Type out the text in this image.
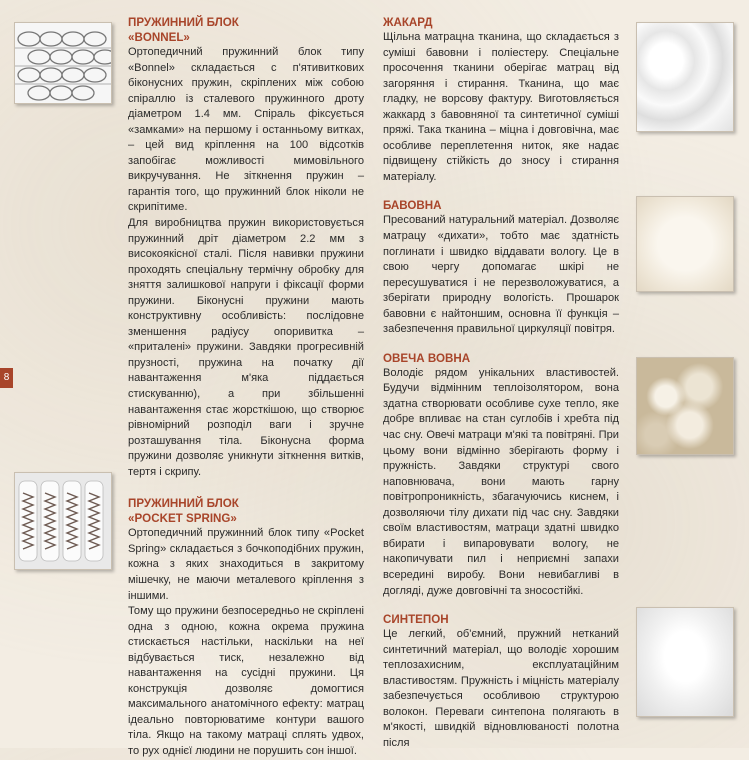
8
ПРУЖИННИЙ БЛОК
«BONNEL»

Ортопедичний пружинний блок типу «Bonnel» складається с п'ятивиткових біконусних пружин, скріплених між собою спіраллю із сталевого пружинного дроту діаметром 1.4 мм. Спіраль фіксується «замками» на першому і останньому витках, – цей вид кріплення на 100 відсотків запобігає можливості мимовільного викручування. Не зіткнення пружин – гарантія того, що пружинний блок ніколи не скрипітиме.

Для виробництва пружин використовується пружинний дріт діаметром 2.2 мм з високоякісної сталі. Після навивки пружини проходять спеціальну термічну обробку для зняття залишкової напруги і фіксації форми пружини. Біконусні пружини мають конструктивну особливість: послідовне зменшення радіусу опоривитка – «приталені» пружини. Завдяки прогресивній прузності, пружина на початку дії навантаження м'яка піддається стискуванню), а при збільшенні навантаження стає жорсткішою, що створює рівномірний розподіл ваги і зручне розташування тіла. Біконусна форма пружини дозволяє уникнути зіткнення витків, тертя і скрипу.

ПРУЖИННИЙ БЛОК
«POCKET SPRING»

Ортопедичний пружинний блок типу «Pocket Spring» складається з бочкоподібних пружин, кожна з яких знаходиться в закритому мішечку, не маючи металевого кріплення з іншими.

Тому що пружини безпосередньо не скріплені одна з одною, кожна окрема пружина стискається настільки, наскільки на неї відбувається тиск, незалежно від навантаження на сусідні пружини. Ця конструкція дозволяє домогтися максимального анатомічного ефекту: матрац ідеально повторюватиме контури вашого тіла. Якщо на такому матраці сплять удвох, то рух однієї людини не порушить сон іншої.

ЖАКАРД

Щільна матрацна тканина, що складається з суміші бавовни і поліестеру. Спеціальне просочення тканини оберігає матрац від загоряння і стирання. Тканина, що має гладку, не ворсову фактуру. Виготовляється жаккард з бавовняної та синтетичної суміші пряжі. Така тканина – міцна і довговічна, має особливе переплетення ниток, яке надає підвищену стійкість до зносу і стирання матеріалу.

БАВОВНА

Пресований натуральний матеріал. Дозволяє матрацу «дихати», тобто має здатність поглинати і швидко віддавати вологу. Це в свою чергу допомагає шкірі не пересушуватися і не перезволожуватися, а зберігати природну вологість. Прошарок бавовни є найтоншим, основна її функція – забезпечення правильної циркуляції повітря.

ОВЕЧА ВОВНА

Володіє рядом унікальних властивостей. Будучи відмінним теплоізолятором, вона здатна створювати особливе сухе тепло, яке добре впливає на стан суглобів і хребта під час сну. Овечі матраци м'які та повітряні. При цьому вони відмінно зберігають форму і пружність. Завдяки структурі свого наповнювача, вони мають гарну повітропроникність, збагачуючись киснем, і дозволяючи тілу дихати під час сну. Завдяки своїм властивостям, матраци здатні швидко вбирати і випаровувати вологу, не накопичувати пил і неприємні запахи всередині виробу. Вони невибагливі в догляді, дуже довговічні та зносостійкі.

СИНТЕПОН

Це легкий, об'ємний, пружний нетканий синтетичний матеріал, що володіє хорошим теплозахисним, експлуатаційним властивостям. Пружність і міцність матеріалу забезпечується особливою структурою волокон. Переваги синтепона полягають в м'якості, швидкій відновлюваності полотна після
